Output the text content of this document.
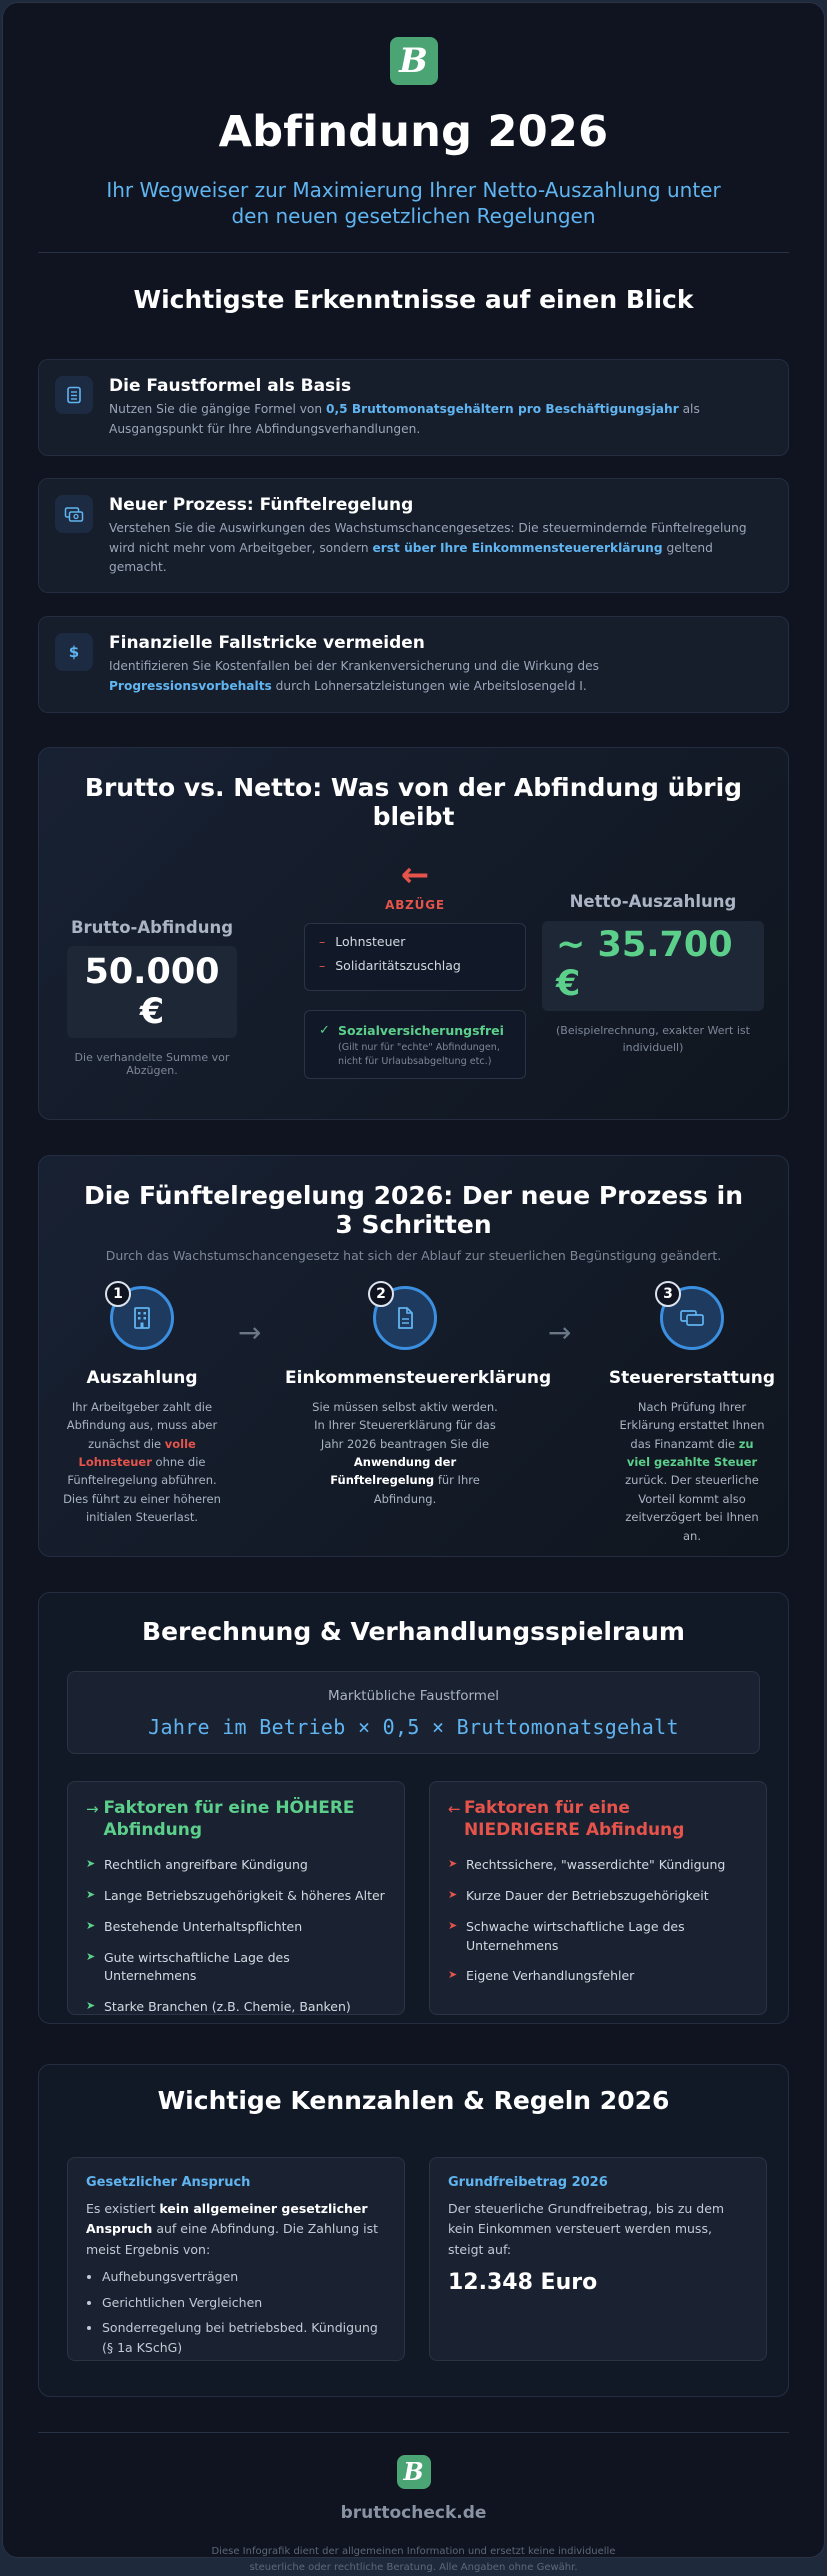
B
Abfindung 2026
Ihr Wegweiser zur Maximierung Ihrer Netto-Auszahlung unter den neuen gesetzlichen Regelungen
Wichtigste Erkenntnisse auf einen Blick
Die Faustformel als Basis

Nutzen Sie die gängige Formel von 0,5 Bruttomonatsgehältern pro Beschäftigungsjahr als Ausgangspunkt für Ihre Abfindungsverhandlungen.

Neuer Prozess: Fünftelregelung

Verstehen Sie die Auswirkungen des Wachstumschancengesetzes: Die steuermindernde Fünftelregelung wird nicht mehr vom Arbeitgeber, sondern erst über Ihre Einkommensteuererklärung geltend gemacht.

$ Finanzielle Fallstricke vermeiden

Identifizieren Sie Kostenfallen bei der Krankenversicherung und die Wirkung des Progressionsvorbehalts durch Lohnersatzleistungen wie Arbeitslosengeld I.

Brutto vs. Netto: Was von der Abfindung übrig bleibt
Brutto-Abfindung
50.000 €
Die verhandelte Summe vor Abzügen.
←
ABZÜGE
– Lohnsteuer
– Solidaritätszuschlag
✓ Sozialversicherungsfrei
(Gilt nur für "echte" Abfindungen, nicht für Urlaubsabgeltung etc.)
Netto-Auszahlung
~ 35.700 €
(Beispielrechnung, exakter Wert ist individuell)
Die Fünftelregelung 2026: Der neue Prozess in 3 Schritten
Durch das Wachstumschancengesetz hat sich der Ablauf zur steuerlichen Begünstigung geändert.
1
Auszahlung
Ihr Arbeitgeber zahlt die Abfindung aus, muss aber zunächst die volle Lohnsteuer ohne die Fünftelregelung abführen. Dies führt zu einer höheren initialen Steuerlast.
→
2
Einkommensteuererklärung
Sie müssen selbst aktiv werden. In Ihrer Steuererklärung für das Jahr 2026 beantragen Sie die Anwendung der Fünftelregelung für Ihre Abfindung.
→
3
Steuererstattung
Nach Prüfung Ihrer Erklärung erstattet Ihnen das Finanzamt die zu viel gezahlte Steuer zurück. Der steuerliche Vorteil kommt also zeitverzögert bei Ihnen an.
Berechnung & Verhandlungsspielraum
Marktübliche Faustformel
Jahre im Betrieb × 0,5 × Bruttomonatsgehalt
→ Faktoren für eine HÖHERE Abfindung
➤ Rechtlich angreifbare Kündigung
➤ Lange Betriebszugehörigkeit & höheres Alter
➤ Bestehende Unterhaltspflichten
➤ Gute wirtschaftliche Lage des Unternehmens
➤ Starke Branchen (z.B. Chemie, Banken)
← Faktoren für eine NIEDRIGERE Abfindung
➤ Rechtssichere, "wasserdichte" Kündigung
➤ Kurze Dauer der Betriebszugehörigkeit
➤ Schwache wirtschaftliche Lage des Unternehmens
➤ Eigene Verhandlungsfehler
Wichtige Kennzahlen & Regeln 2026
Gesetzlicher Anspruch

Es existiert kein allgemeiner gesetzlicher Anspruch auf eine Abfindung. Die Zahlung ist meist Ergebnis von:

• Aufhebungsverträgen
• Gerichtlichen Vergleichen
• Sonderregelung bei betriebsbed. Kündigung (§ 1a KSchG)
Grundfreibetrag 2026

Der steuerliche Grundfreibetrag, bis zu dem kein Einkommen versteuert werden muss, steigt auf:

12.348 Euro
B
bruttocheck.de
Diese Infografik dient der allgemeinen Information und ersetzt keine individuelle steuerliche oder rechtliche Beratung. Alle Angaben ohne Gewähr.
